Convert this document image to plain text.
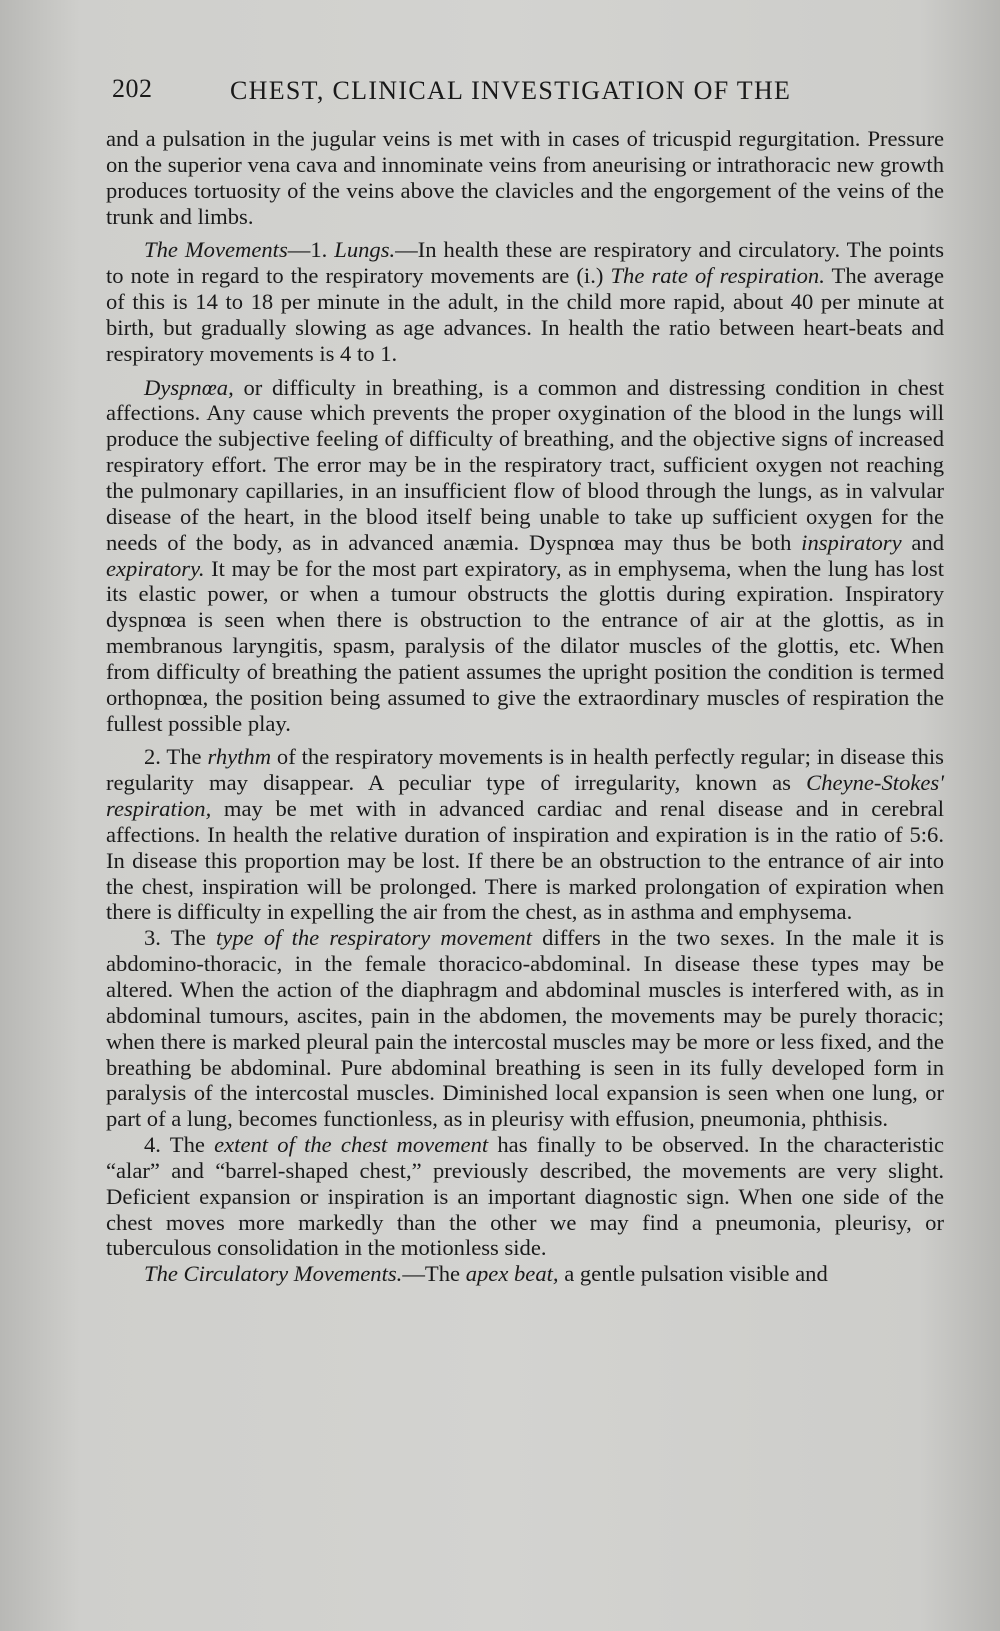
202	CHEST, CLINICAL INVESTIGATION OF THE

and a pulsation in the jugular veins is met with in cases of tricuspid regurgitation. Pressure on the superior vena cava and innominate veins from aneurising or intrathoracic new growth produces tortuosity of the veins above the clavicles and the engorgement of the veins of the trunk and limbs.

The Movements—1. Lungs.—In health these are respiratory and circulatory. The points to note in regard to the respiratory movements are (i.) The rate of respiration. The average of this is 14 to 18 per minute in the adult, in the child more rapid, about 40 per minute at birth, but gradually slowing as age advances. In health the ratio between heart-beats and respiratory movements is 4 to 1.

Dyspnœa, or difficulty in breathing, is a common and distressing condition in chest affections. Any cause which prevents the proper oxygination of the blood in the lungs will produce the subjective feeling of difficulty of breathing, and the objective signs of increased respiratory effort. The error may be in the respiratory tract, sufficient oxygen not reaching the pulmonary capillaries, in an insufficient flow of blood through the lungs, as in valvular disease of the heart, in the blood itself being unable to take up sufficient oxygen for the needs of the body, as in advanced anæmia. Dyspnœa may thus be both inspiratory and expiratory. It may be for the most part expiratory, as in emphysema, when the lung has lost its elastic power, or when a tumour obstructs the glottis during expiration. Inspiratory dyspnœa is seen when there is obstruction to the entrance of air at the glottis, as in membranous laryngitis, spasm, paralysis of the dilator muscles of the glottis, etc. When from difficulty of breathing the patient assumes the upright position the condition is termed orthopnœa, the position being assumed to give the extraordinary muscles of respiration the fullest possible play.

2. The rhythm of the respiratory movements is in health perfectly regular; in disease this regularity may disappear. A peculiar type of irregularity, known as Cheyne-Stokes' respiration, may be met with in advanced cardiac and renal disease and in cerebral affections. In health the relative duration of inspiration and expiration is in the ratio of 5:6. In disease this proportion may be lost. If there be an obstruction to the entrance of air into the chest, inspiration will be prolonged. There is marked prolongation of expiration when there is difficulty in expelling the air from the chest, as in asthma and emphysema.

3. The type of the respiratory movement differs in the two sexes. In the male it is abdomino-thoracic, in the female thoracico-abdominal. In disease these types may be altered. When the action of the diaphragm and abdominal muscles is interfered with, as in abdominal tumours, ascites, pain in the abdomen, the movements may be purely thoracic; when there is marked pleural pain the intercostal muscles may be more or less fixed, and the breathing be abdominal. Pure abdominal breathing is seen in its fully developed form in paralysis of the intercostal muscles. Diminished local expansion is seen when one lung, or part of a lung, becomes functionless, as in pleurisy with effusion, pneumonia, phthisis.

4. The extent of the chest movement has finally to be observed. In the characteristic “alar” and “barrel-shaped chest,” previously described, the movements are very slight. Deficient expansion or inspiration is an important diagnostic sign. When one side of the chest moves more markedly than the other we may find a pneumonia, pleurisy, or tuberculous consolidation in the motionless side.

The Circulatory Movements.—The apex beat, a gentle pulsation visible and
